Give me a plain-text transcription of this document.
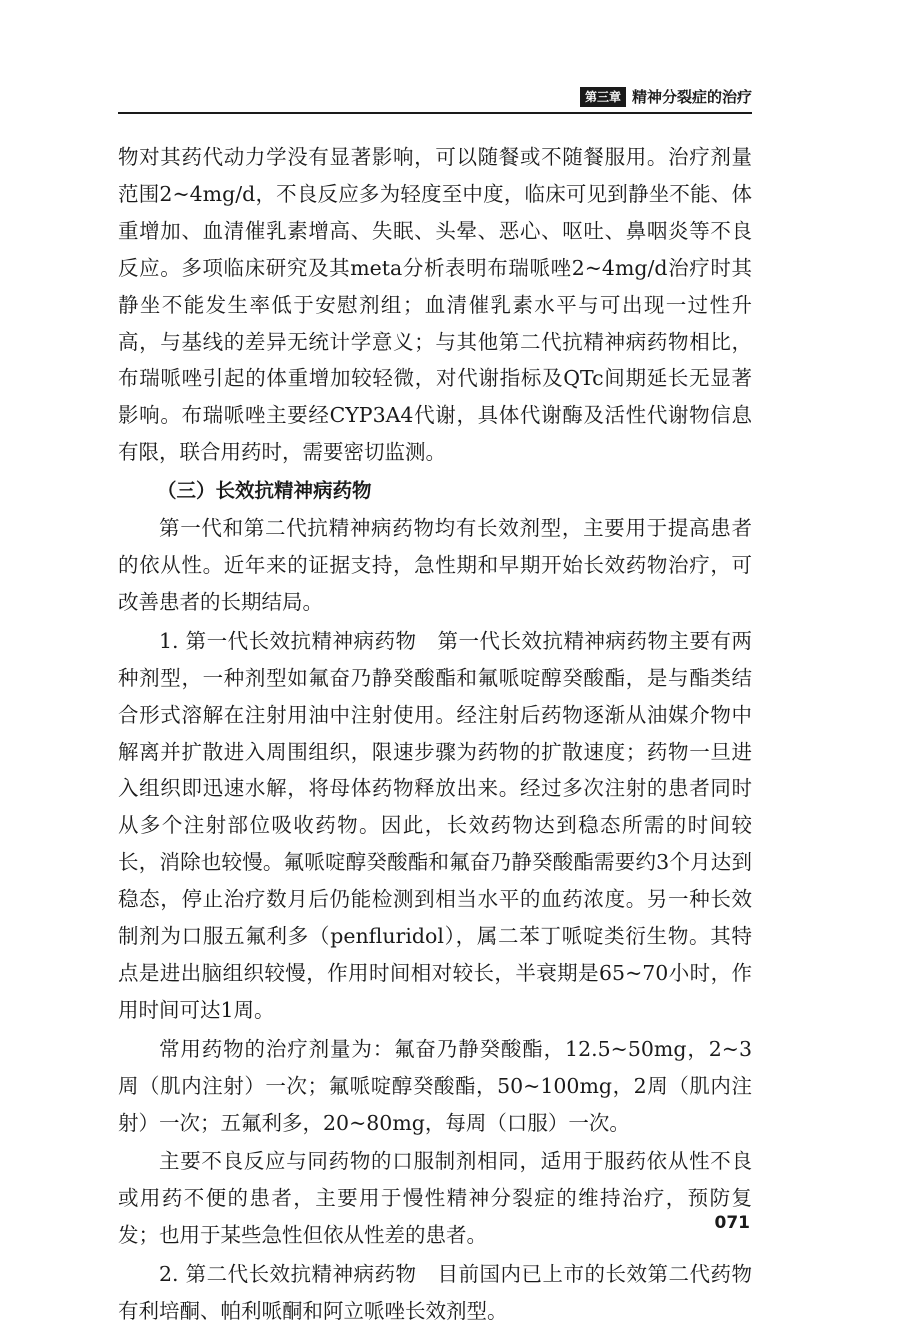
第三章 精神分裂症的治疗

物对其药代动力学没有显著影响，可以随餐或不随餐服用。治疗剂量范围2~4mg/d，不良反应多为轻度至中度，临床可见到静坐不能、体重增加、血清催乳素增高、失眠、头晕、恶心、呕吐、鼻咽炎等不良反应。多项临床研究及其meta分析表明布瑞哌唑2~4mg/d治疗时其静坐不能发生率低于安慰剂组；血清催乳素水平与可出现一过性升高，与基线的差异无统计学意义；与其他第二代抗精神病药物相比，布瑞哌唑引起的体重增加较轻微，对代谢指标及QTc间期延长无显著影响。布瑞哌唑主要经CYP3A4代谢，具体代谢酶及活性代谢物信息有限，联合用药时，需要密切监测。

（三）长效抗精神病药物

第一代和第二代抗精神病药物均有长效剂型，主要用于提高患者的依从性。近年来的证据支持，急性期和早期开始长效药物治疗，可改善患者的长期结局。

1. 第一代长效抗精神病药物　 第一代长效抗精神病药物主要有两种剂型，一种剂型如氟奋乃静癸酸酯和氟哌啶醇癸酸酯，是与酯类结合形式溶解在注射用油中注射使用。经注射后药物逐渐从油媒介物中解离并扩散进入周围组织，限速步骤为药物的扩散速度；药物一旦进入组织即迅速水解，将母体药物释放出来。经过多次注射的患者同时从多个注射部位吸收药物。因此，长效药物达到稳态所需的时间较长，消除也较慢。氟哌啶醇癸酸酯和氟奋乃静癸酸酯需要约3个月达到稳态，停止治疗数月后仍能检测到相当水平的血药浓度。另一种长效制剂为口服五氟利多（penfluridol），属二苯丁哌啶类衍生物。其特点是进出脑组织较慢，作用时间相对较长，半衰期是65~70小时，作用时间可达1周。

常用药物的治疗剂量为：氟奋乃静癸酸酯，12.5~50mg，2~3周（肌内注射）一次；氟哌啶醇癸酸酯，50~100mg，2周（肌内注射）一次；五氟利多，20~80mg，每周（口服）一次。

主要不良反应与同药物的口服制剂相同，适用于服药依从性不良或用药不便的患者，主要用于慢性精神分裂症的维持治疗，预防复发；也用于某些急性但依从性差的患者。

2. 第二代长效抗精神病药物　 目前国内已上市的长效第二代药物有利培酮、帕利哌酮和阿立哌唑长效剂型。

071
